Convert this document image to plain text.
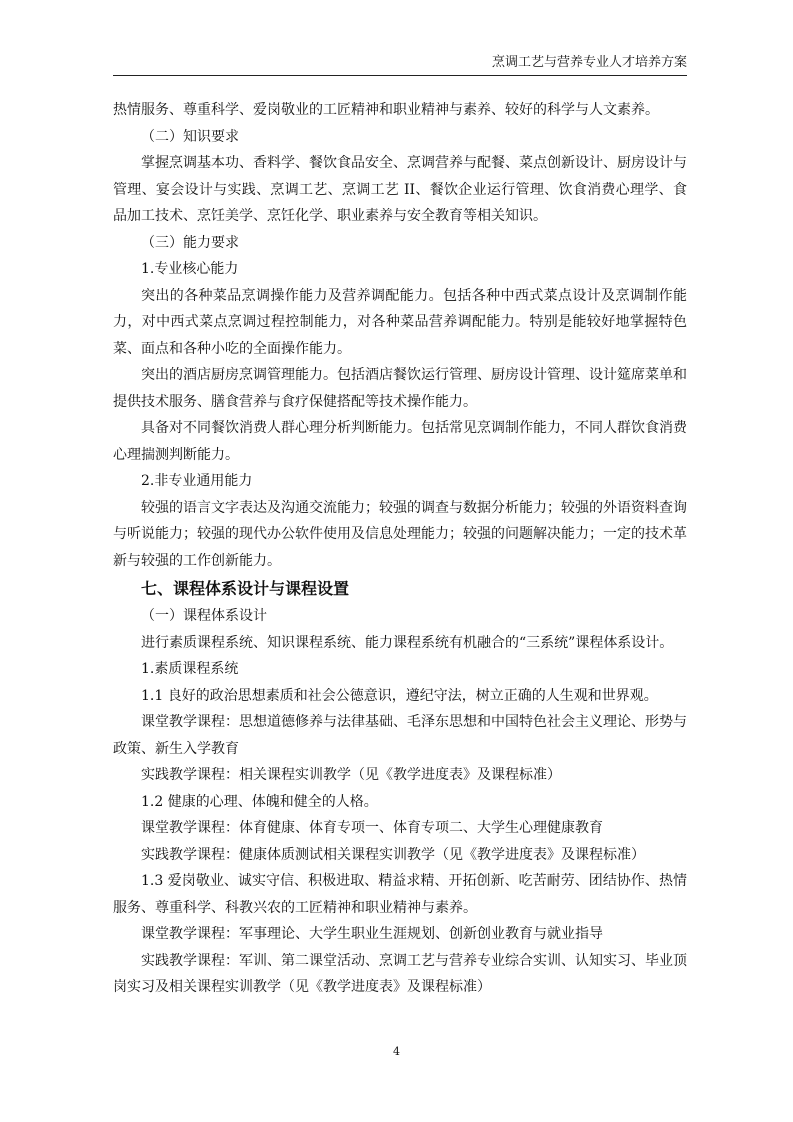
烹调工艺与营养专业人才培养方案

热情服务、尊重科学、爱岗敬业的工匠精神和职业精神与素养、较好的科学与人文素养。

（二）知识要求

掌握烹调基本功、香料学、餐饮食品安全、烹调营养与配餐、菜点创新设计、厨房设计与管理、宴会设计与实践、烹调工艺、烹调工艺 II、餐饮企业运行管理、饮食消费心理学、食品加工技术、烹饪美学、烹饪化学、职业素养与安全教育等相关知识。

（三）能力要求

1.专业核心能力

突出的各种菜品烹调操作能力及营养调配能力。包括各种中西式菜点设计及烹调制作能力，对中西式菜点烹调过程控制能力，对各种菜品营养调配能力。特别是能较好地掌握特色菜、面点和各种小吃的全面操作能力。

突出的酒店厨房烹调管理能力。包括酒店餐饮运行管理、厨房设计管理、设计筵席菜单和提供技术服务、膳食营养与食疗保健搭配等技术操作能力。

具备对不同餐饮消费人群心理分析判断能力。包括常见烹调制作能力，不同人群饮食消费心理揣测判断能力。

2.非专业通用能力

较强的语言文字表达及沟通交流能力；较强的调查与数据分析能力；较强的外语资料查询与听说能力；较强的现代办公软件使用及信息处理能力；较强的问题解决能力；一定的技术革新与较强的工作创新能力。

七、课程体系设计与课程设置

（一）课程体系设计

进行素质课程系统、知识课程系统、能力课程系统有机融合的“三系统”课程体系设计。

1.素质课程系统

1.1 良好的政治思想素质和社会公德意识，遵纪守法，树立正确的人生观和世界观。

课堂教学课程：思想道德修养与法律基础、毛泽东思想和中国特色社会主义理论、形势与政策、新生入学教育

实践教学课程：相关课程实训教学（见《教学进度表》及课程标准）

1.2 健康的心理、体魄和健全的人格。

课堂教学课程：体育健康、体育专项一、体育专项二、大学生心理健康教育

实践教学课程：健康体质测试相关课程实训教学（见《教学进度表》及课程标准）

1.3 爱岗敬业、诚实守信、积极进取、精益求精、开拓创新、吃苦耐劳、团结协作、热情服务、尊重科学、科教兴农的工匠精神和职业精神与素养。

课堂教学课程：军事理论、大学生职业生涯规划、创新创业教育与就业指导

实践教学课程：军训、第二课堂活动、烹调工艺与营养专业综合实训、认知实习、毕业顶岗实习及相关课程实训教学（见《教学进度表》及课程标准）

4
